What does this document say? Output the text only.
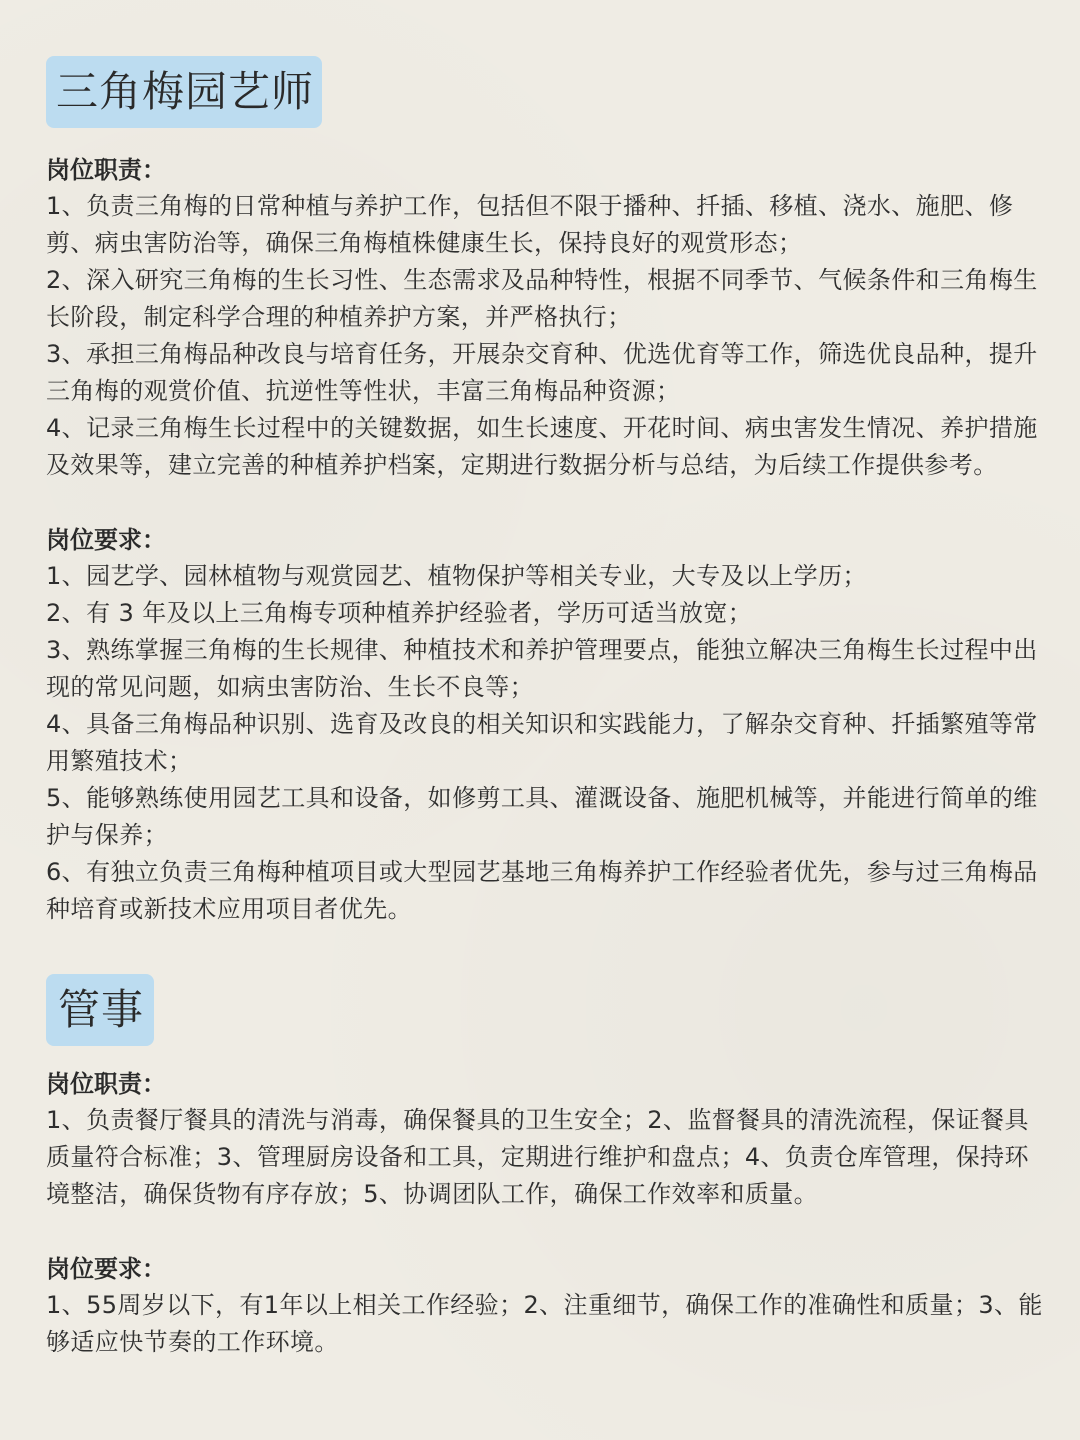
三角梅园艺师
岗位职责：
1、负责三角梅的日常种植与养护工作，包括但不限于播种、扦插、移植、浇水、施肥、修剪、病虫害防治等，确保三角梅植株健康生长，保持良好的观赏形态；
2、深入研究三角梅的生长习性、生态需求及品种特性，根据不同季节、气候条件和三角梅生长阶段，制定科学合理的种植养护方案，并严格执行；
3、承担三角梅品种改良与培育任务，开展杂交育种、优选优育等工作，筛选优良品种，提升三角梅的观赏价值、抗逆性等性状，丰富三角梅品种资源；
4、记录三角梅生长过程中的关键数据，如生长速度、开花时间、病虫害发生情况、养护措施及效果等，建立完善的种植养护档案，定期进行数据分析与总结，为后续工作提供参考。
岗位要求：
1、园艺学、园林植物与观赏园艺、植物保护等相关专业，大专及以上学历；
2、有 3 年及以上三角梅专项种植养护经验者，学历可适当放宽；
3、熟练掌握三角梅的生长规律、种植技术和养护管理要点，能独立解决三角梅生长过程中出现的常见问题，如病虫害防治、生长不良等；
4、具备三角梅品种识别、选育及改良的相关知识和实践能力，了解杂交育种、扦插繁殖等常用繁殖技术；
5、能够熟练使用园艺工具和设备，如修剪工具、灌溉设备、施肥机械等，并能进行简单的维护与保养；
6、有独立负责三角梅种植项目或大型园艺基地三角梅养护工作经验者优先，参与过三角梅品种培育或新技术应用项目者优先。
管事
岗位职责：
1、负责餐厅餐具的清洗与消毒，确保餐具的卫生安全；2、监督餐具的清洗流程，保证餐具质量符合标准；3、管理厨房设备和工具，定期进行维护和盘点；4、负责仓库管理，保持环境整洁，确保货物有序存放；5、协调团队工作，确保工作效率和质量。
岗位要求：
1、55周岁以下，有1年以上相关工作经验；2、注重细节，确保工作的准确性和质量；3、能够适应快节奏的工作环境。
